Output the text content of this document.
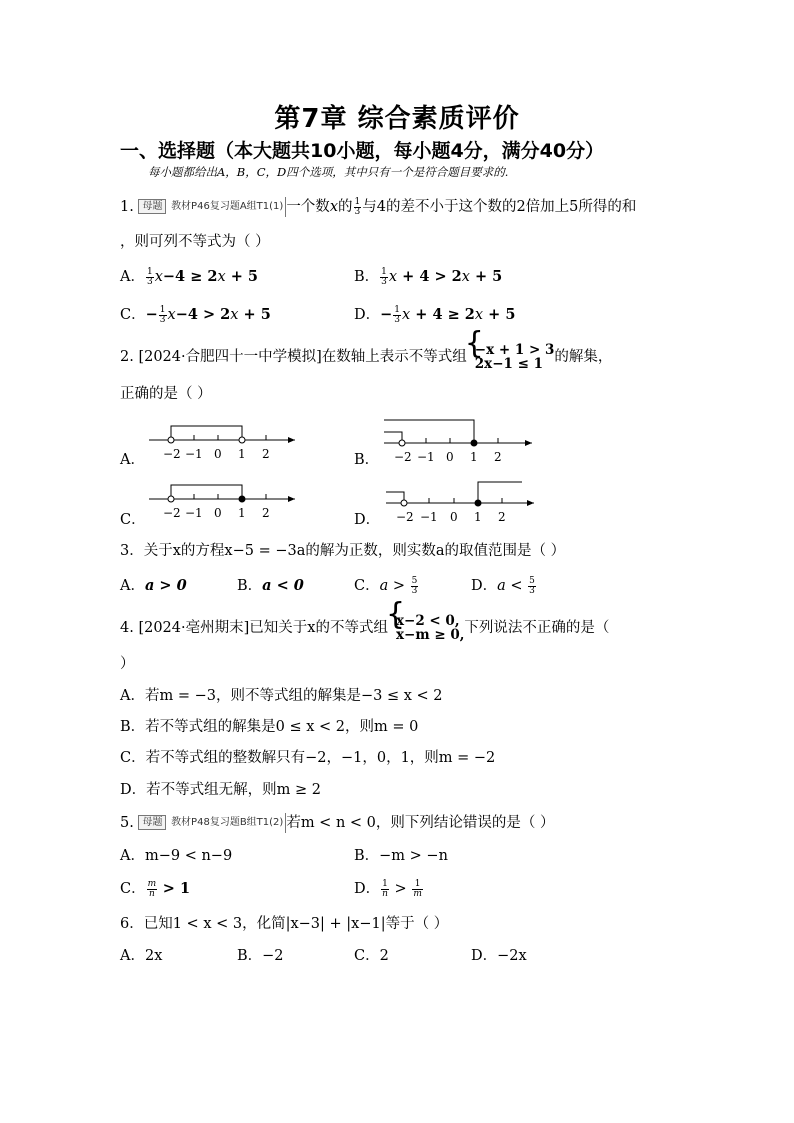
第7章 综合素质评价
一、选择题（本大题共10小题，每小题4分，满分40分）
每小题都给出A，B，C，D四个选项，其中只有一个是符合题目要求的.
1. 母题 教材P46复习题A组T1(1) 一个数x的 $\frac{1}{3}$ 与4的差不小于这个数的2倍加上5所得的和
，则可列不等式为（ ）
A． $\frac{1}{3} x-4 \ge 2x + 5$	B． $\frac{1}{3}$ x + 4 > 2x + 5
C．− $\frac{1}{3} x-4 > 2x + 5$	D．− $\frac{1}{3}$ x + 4 ≥ 2x + 5
2. [2024·合肥四十一中学模拟]在数轴上表示不等式组 { −x + 1 > 3
2x−1 ≤ 1 的解集，
正确的是（ ）
A．	B．
C．	D．
−2 −1 0 1 2	−2 −1 0 1 2
−2 −1 0 1 2	−2 −1 0 1 2
3．关于x的方程x−5 = −3a的解为正数，则实数a的取值范围是（ ）
A．a > 0	B．a < 0	C．$a > \frac{5}{3}$	D．$a < \frac{5}{3}$
4. [2024·亳州期末]已知关于x的不等式组 { x−2 < 0,
x−m ≥ 0, 下列说法不正确的是（
）
A．若m = −3，则不等式组的解集是−3 ≤ x < 2
B．若不等式组的解集是0 ≤ x < 2，则m = 0
C．若不等式组的整数解只有−2，−1，0，1，则m = −2
D．若不等式组无解，则m ≥ 2
5. 母题 教材P48复习题B组T1(2) 若m < n < 0，则下列结论错误的是（ ）
A．m−9 < n−9	B．−m > −n
C． $\frac{m}{n} > 1$	D． $\frac{1}{n} > \frac{1}{m}$
6．已知1 < x < 3，化简|x−3| + |x−1|等于（ ）
A．2x	B．−2	C．2	D．−2x
